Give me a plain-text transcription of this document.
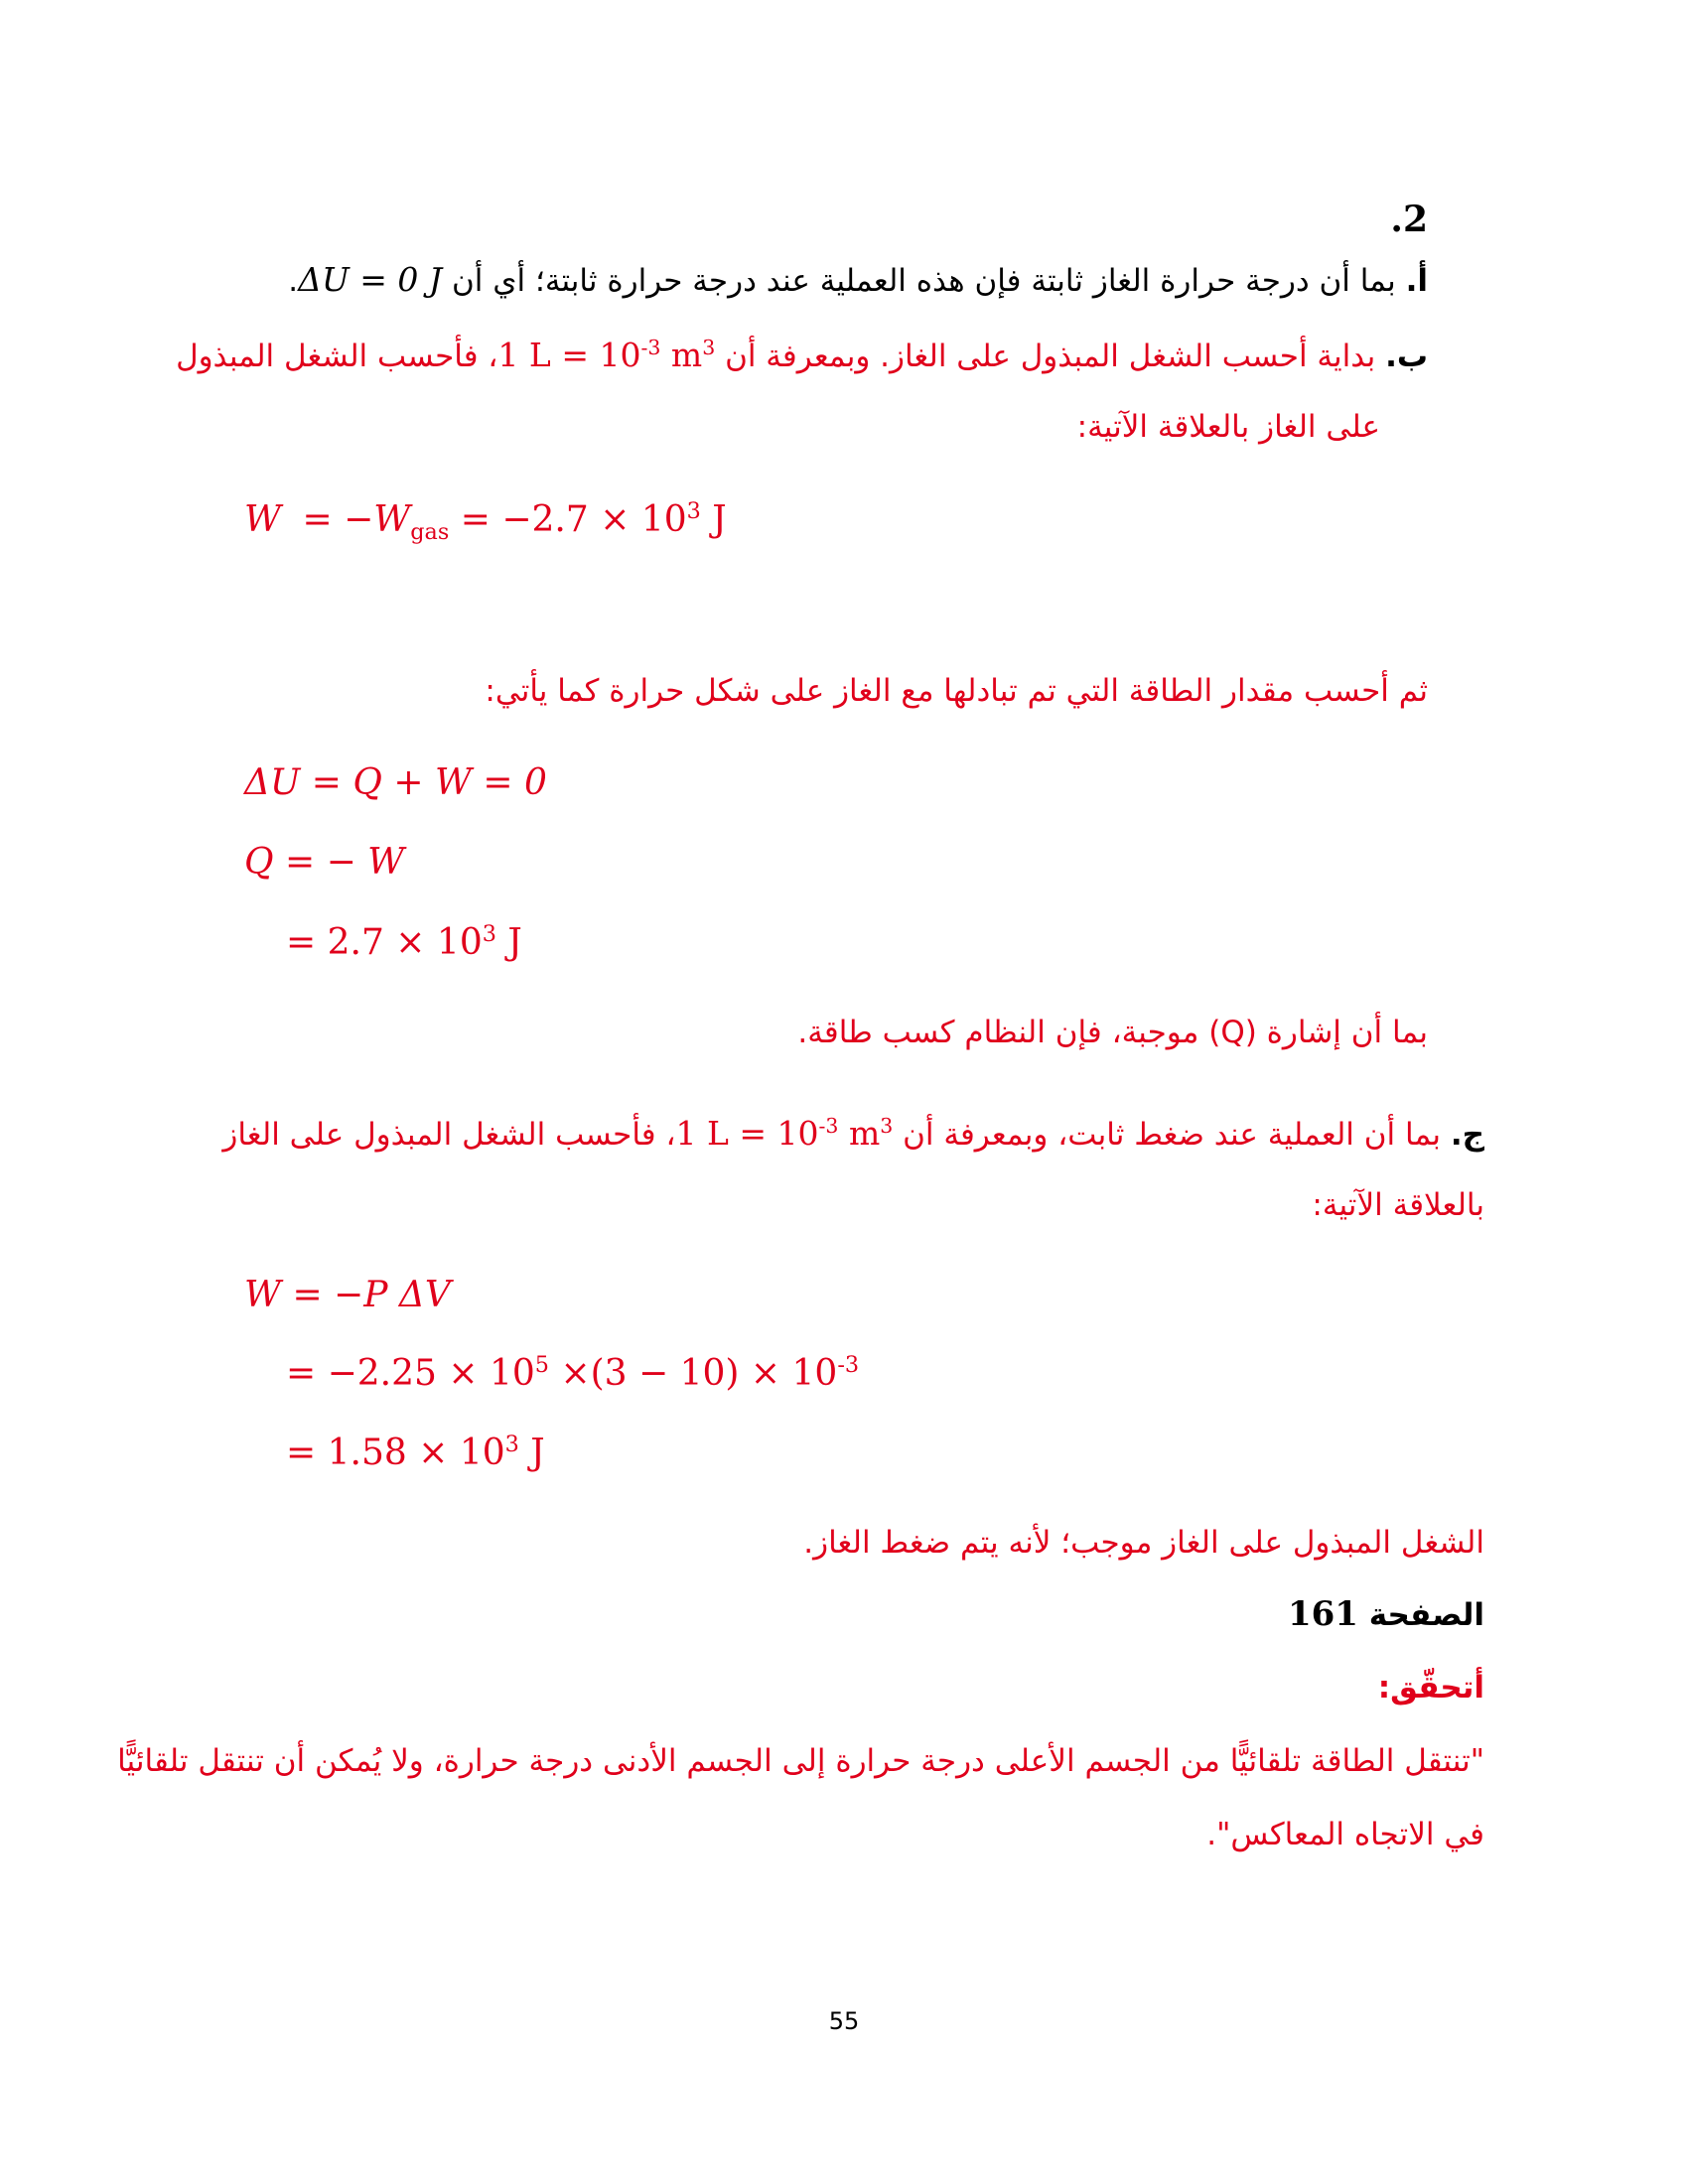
.2
أ. بما أن درجة حرارة الغاز ثابتة فإن هذه العملية عند درجة حرارة ثابتة؛ أي أن ΔU = 0 J.
ب. بداية أحسب الشغل المبذول على الغاز. وبمعرفة أن 1 $L = 10^{-3}$ $m^3،$ فأحسب الشغل المبذول
على الغاز بالعلاقة الآتية:
$W = -W_{gas} = -2.7 \times 10^3$ J
ثم أحسب مقدار الطاقة التي تم تبادلها مع الغاز على شكل حرارة كما يأتي:
ΔU = Q + W = 0
Q = − W
= $2.7 \times 10^3$ J
بما أن إشارة (Q) موجبة، فإن النظام كسب طاقة.
ج. بما أن العملية عند ضغط ثابت، وبمعرفة أن 1 $L = 10^{-3}$ $m^3،$ فأحسب الشغل المبذول على الغاز
بالعلاقة الآتية:
W = −P ΔV
= $-2.25 \times 10^5 \times(3 - 10) \times 10^{-3}$
= $1.58 \times 10^3$ J
الشغل المبذول على الغاز موجب؛ لأنه يتم ضغط الغاز.
الصفحة 161
أتحقّق:
"تنتقل الطاقة تلقائيًّا من الجسم الأعلى درجة حرارة إلى الجسم الأدنى درجة حرارة، ولا يُمكن أن تنتقل تلقائيًّا
في الاتجاه المعاكس".
55
